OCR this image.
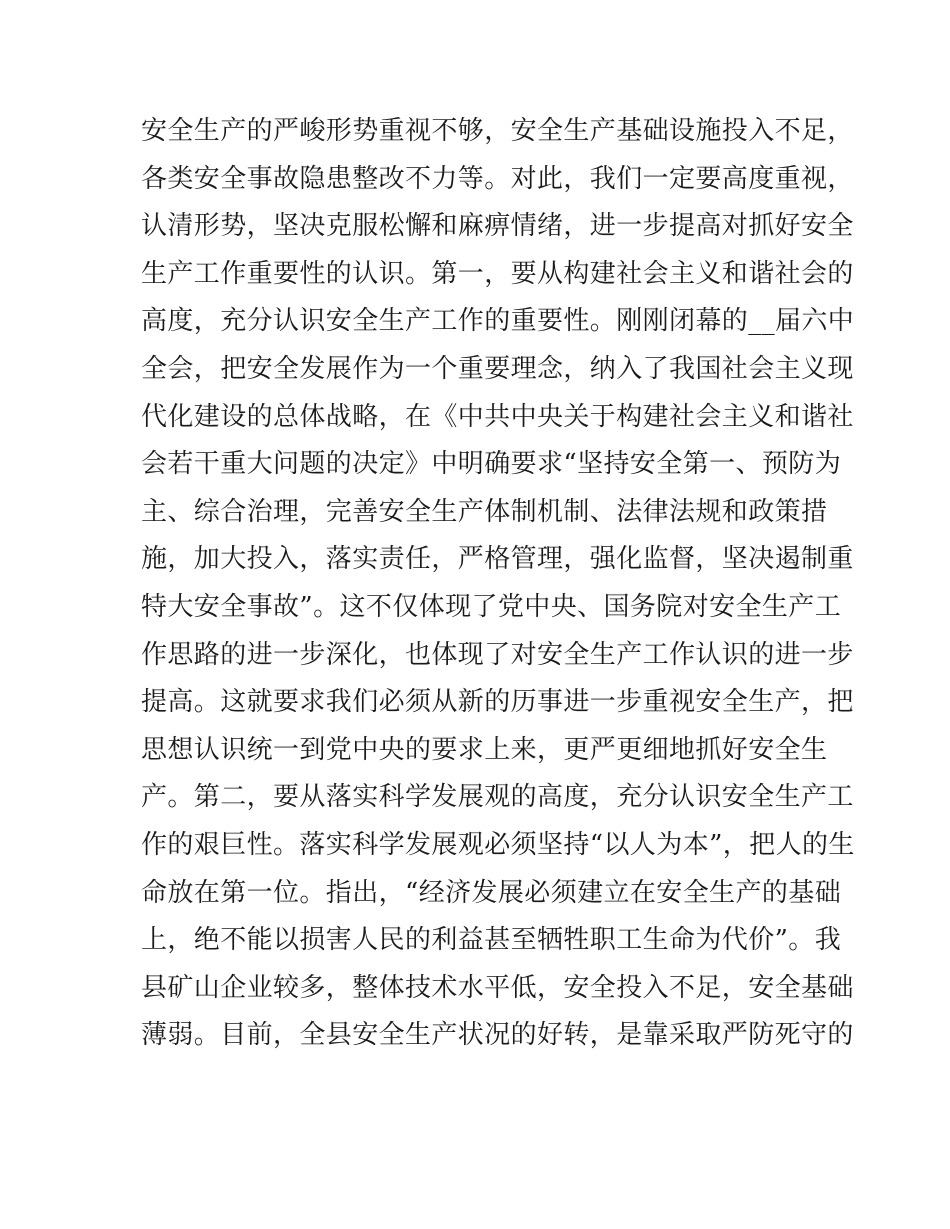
安全生产的严峻形势重视不够，安全生产基础设施投入不足，
各类安全事故隐患整改不力等。对此，我们一定要高度重视，
认清形势，坚决克服松懈和麻痹情绪，进一步提高对抓好安全
生产工作重要性的认识。第一，要从构建社会主义和谐社会的
高度，充分认识安全生产工作的重要性。刚刚闭幕的__届六中
全会，把安全发展作为一个重要理念，纳入了我国社会主义现
代化建设的总体战略，在《中共中央关于构建社会主义和谐社
会若干重大问题的决定》中明确要求“坚持安全第一、预防为
主、综合治理，完善安全生产体制机制、法律法规和政策措
施，加大投入，落实责任，严格管理，强化监督，坚决遏制重
特大安全事故”。这不仅体现了党中央、国务院对安全生产工
作思路的进一步深化，也体现了对安全生产工作认识的进一步
提高。这就要求我们必须从新的历事进一步重视安全生产，把
思想认识统一到党中央的要求上来，更严更细地抓好安全生
产。第二，要从落实科学发展观的高度，充分认识安全生产工
作的艰巨性。落实科学发展观必须坚持“以人为本”，把人的生
命放在第一位。指出，“经济发展必须建立在安全生产的基础
上，绝不能以损害人民的利益甚至牺牲职工生命为代价”。我
县矿山企业较多，整体技术水平低，安全投入不足，安全基础
薄弱。目前，全县安全生产状况的好转，是靠采取严防死守的
